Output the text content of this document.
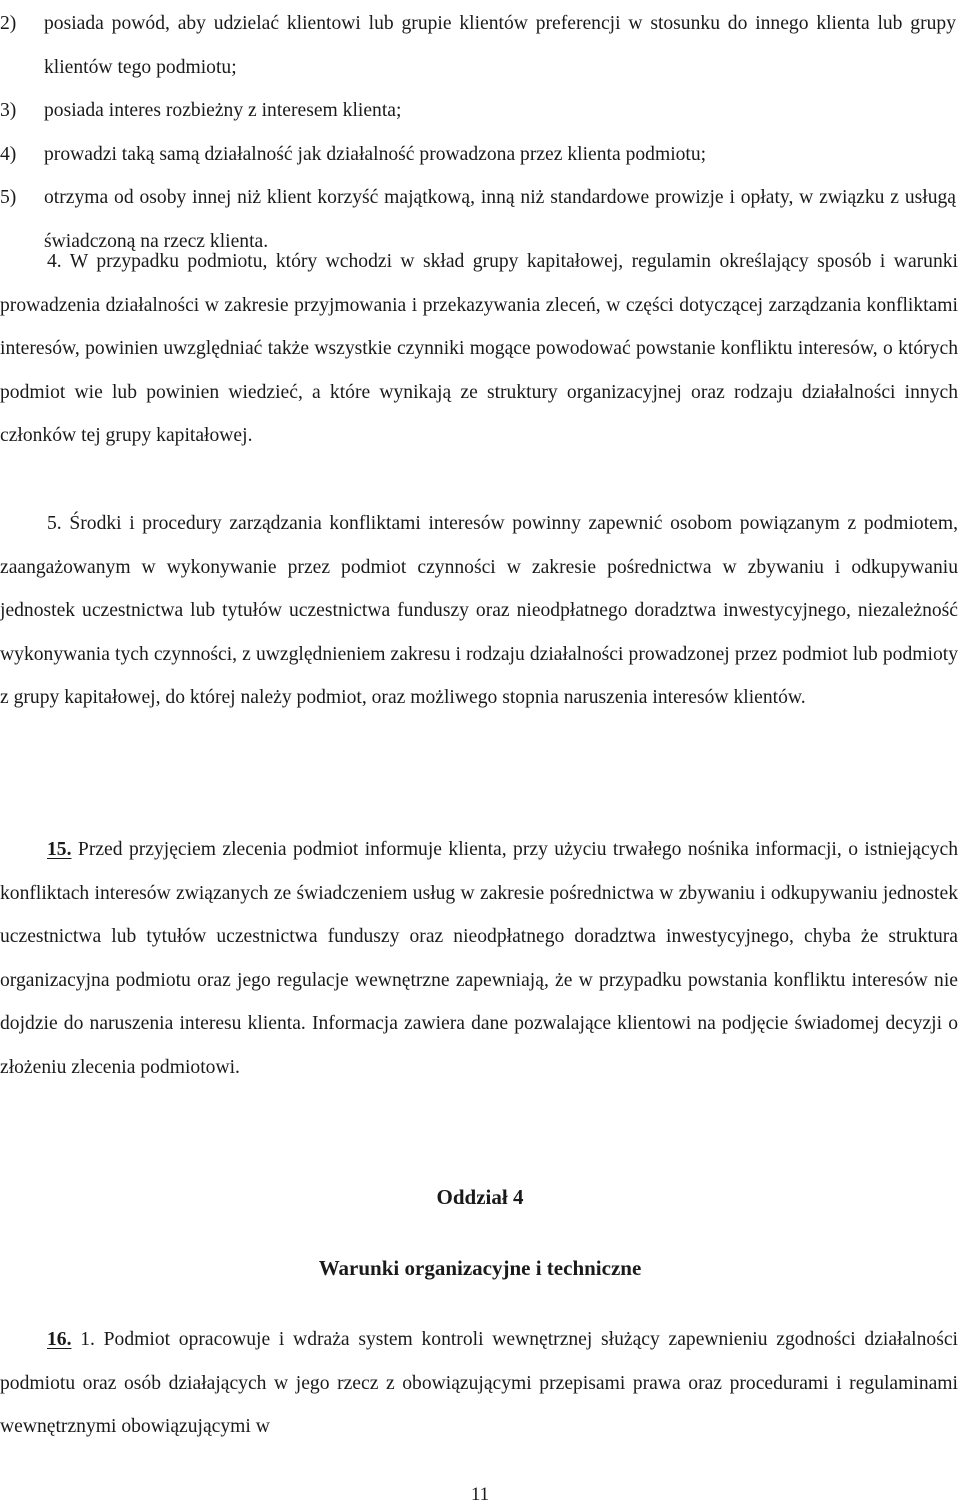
2) posiada powód, aby udzielać klientowi lub grupie klientów preferencji w stosunku do innego klienta lub grupy klientów tego podmiotu;
3) posiada interes rozbieżny z interesem klienta;
4) prowadzi taką samą działalność jak działalność prowadzona przez klienta podmiotu;
5) otrzyma od osoby innej niż klient korzyść majątkową, inną niż standardowe prowizje i opłaty, w związku z usługą świadczoną na rzecz klienta.

4. W przypadku podmiotu, który wchodzi w skład grupy kapitałowej, regulamin określający sposób i warunki prowadzenia działalności w zakresie przyjmowania i przekazywania zleceń, w części dotyczącej zarządzania konfliktami interesów, powinien uwzględniać także wszystkie czynniki mogące powodować powstanie konfliktu interesów, o których podmiot wie lub powinien wiedzieć, a które wynikają ze struktury organizacyjnej oraz rodzaju działalności innych członków tej grupy kapitałowej.

5. Środki i procedury zarządzania konfliktami interesów powinny zapewnić osobom powiązanym z podmiotem, zaangażowanym w wykonywanie przez podmiot czynności w zakresie pośrednictwa w zbywaniu i odkupywaniu jednostek uczestnictwa lub tytułów uczestnictwa funduszy oraz nieodpłatnego doradztwa inwestycyjnego, niezależność wykonywania tych czynności, z uwzględnieniem zakresu i rodzaju działalności prowadzonej przez podmiot lub podmioty z grupy kapitałowej, do której należy podmiot, oraz możliwego stopnia naruszenia interesów klientów.

15. Przed przyjęciem zlecenia podmiot informuje klienta, przy użyciu trwałego nośnika informacji, o istniejących konfliktach interesów związanych ze świadczeniem usług w zakresie pośrednictwa w zbywaniu i odkupywaniu jednostek uczestnictwa lub tytułów uczestnictwa funduszy oraz nieodpłatnego doradztwa inwestycyjnego, chyba że struktura organizacyjna podmiotu oraz jego regulacje wewnętrzne zapewniają, że w przypadku powstania konfliktu interesów nie dojdzie do naruszenia interesu klienta. Informacja zawiera dane pozwalające klientowi na podjęcie świadomej decyzji o złożeniu zlecenia podmiotowi.

Oddział 4

Warunki organizacyjne i techniczne

16. 1. Podmiot opracowuje i wdraża system kontroli wewnętrznej służący zapewnieniu zgodności działalności podmiotu oraz osób działających w jego rzecz z obowiązującymi przepisami prawa oraz procedurami i regulaminami wewnętrznymi obowiązującymi w

11
